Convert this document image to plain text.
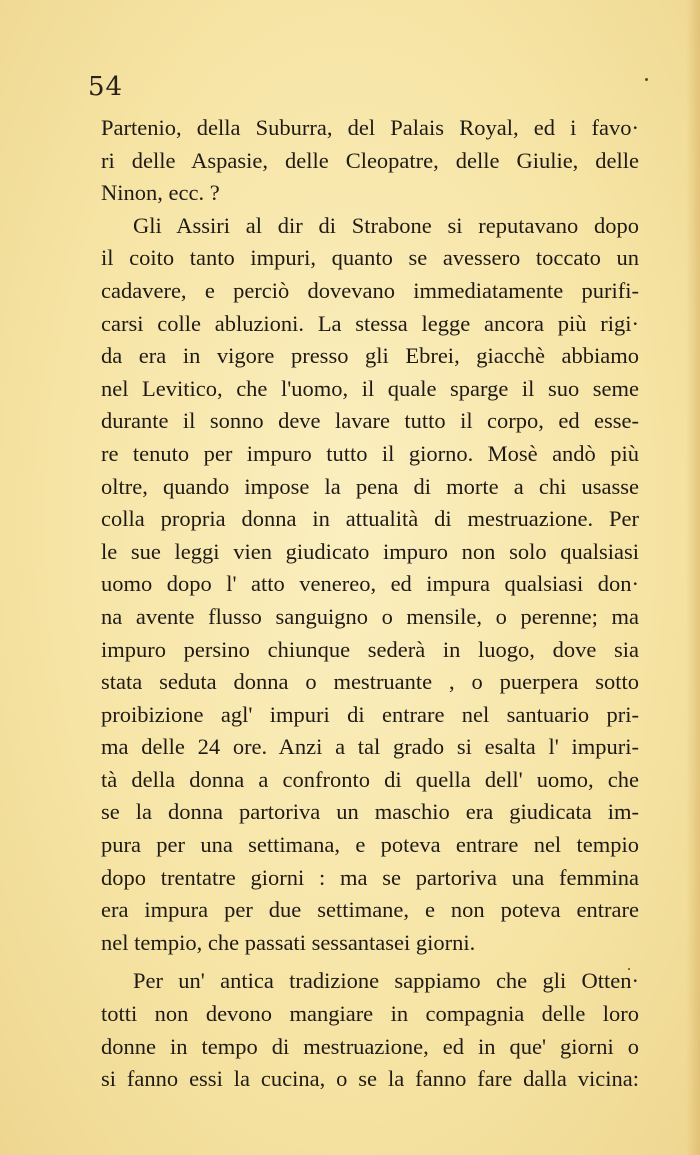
54
Partenio, della Suburra, del Palais Royal, ed i favo·
ri delle Aspasie, delle Cleopatre, delle Giulie, delle
Ninon, ecc. ?
Gli Assiri al dir di Strabone si reputavano dopo
il coito tanto impuri, quanto se avessero toccato un
cadavere, e perciò dovevano immediatamente purifi-
carsi colle abluzioni. La stessa legge ancora più rigi·
da era in vigore presso gli Ebrei, giacchè abbiamo
nel Levitico, che l'uomo, il quale sparge il suo seme
durante il sonno deve lavare tutto il corpo, ed esse-
re tenuto per impuro tutto il giorno. Mosè andò più
oltre, quando impose la pena di morte a chi usasse
colla propria donna in attualità di mestruazione. Per
le sue leggi vien giudicato impuro non solo qualsiasi
uomo dopo l' atto venereo, ed impura qualsiasi don·
na avente flusso sanguigno o mensile, o perenne; ma
impuro persino chiunque sederà in luogo, dove sia
stata seduta donna o mestruante , o puerpera sotto
proibizione agl' impuri di entrare nel santuario pri-
ma delle 24 ore. Anzi a tal grado si esalta l' impuri-
tà della donna a confronto di quella dell' uomo, che
se la donna partoriva un maschio era giudicata im-
pura per una settimana, e poteva entrare nel tempio
dopo trentatre giorni : ma se partoriva una femmina
era impura per due settimane, e non poteva entrare
nel tempio, che passati sessantasei giorni.
Per un' antica tradizione sappiamo che gli Otten·
totti non devono mangiare in compagnia delle loro
donne in tempo di mestruazione, ed in que' giorni o
si fanno essi la cucina, o se la fanno fare dalla vicina:
